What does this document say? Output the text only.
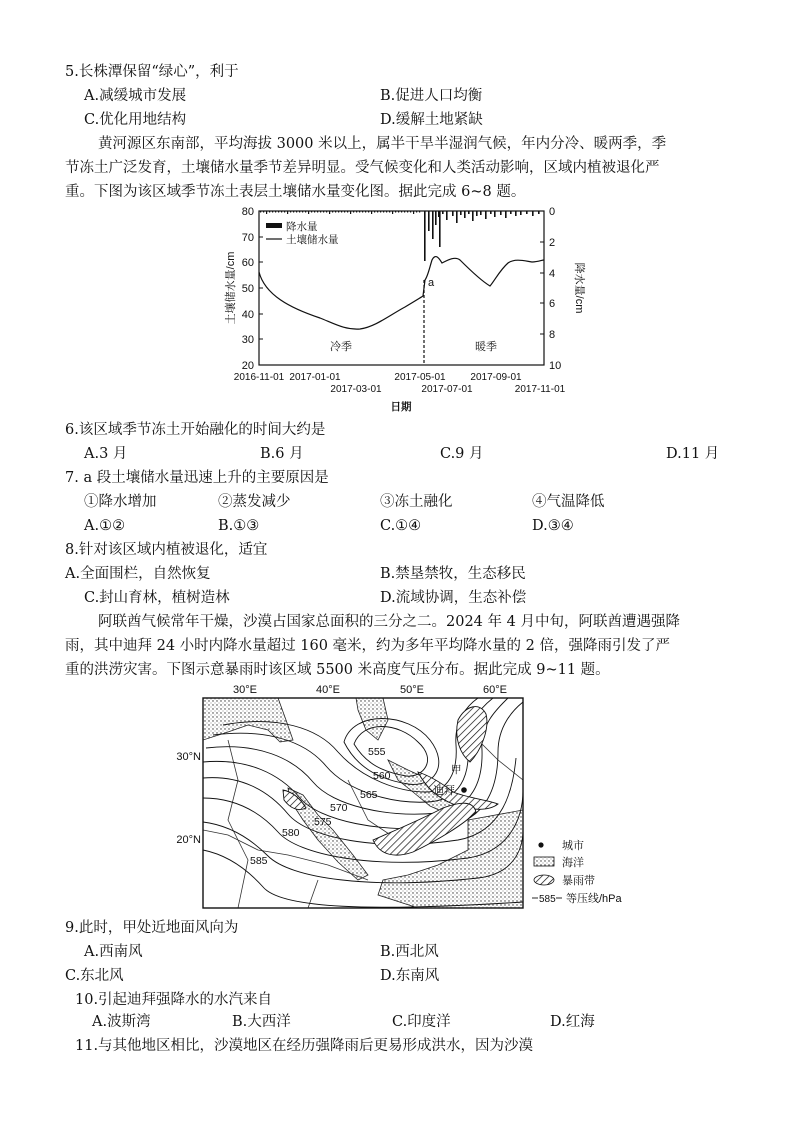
5.长株潭保留“绿心”，利于
A.减缓城市发展	B.促进人口均衡
C.优化用地结构	D.缓解土地紧缺
黄河源区东南部，平均海拔 3000 米以上，属半干旱半湿润气候，年内分冷、暖两季，季
节冻土广泛发育，土壤储水量季节差异明显。受气候变化和人类活动影响，区域内植被退化严
重。下图为该区域季节冻土表层土壤储水量变化图。据此完成 6~8 题。
80
70
60
50
40
30
20
0
2
4
6
8
10
土壤储水量/cm	降水量/cm
a
冷季	暖季
降水量
土壤储水量
2016-11-01 2017-01-01	2017-05-01 2017-09-01
2017-11-01
2017-03-01	2017-07-01
日期
6.该区域季节冻土开始融化的时间大约是
A.3 月	B.6 月	C.9 月	D.11 月
7. a 段土壤储水量迅速上升的主要原因是
①降水增加	②蒸发减少	③冻土融化	④气温降低
A.①②	B.①③	C.①④	D.③④
8.针对该区域内植被退化，适宜
A.全面围栏，自然恢复	B.禁垦禁牧，生态移民
C.封山育林，植树造林	D.流域协调，生态补偿
阿联酋气候常年干燥，沙漠占国家总面积的三分之二。2024 年 4 月中旬，阿联酋遭遇强降
雨，其中迪拜 24 小时内降水量超过 160 毫米，约为多年平均降水量的 2 倍，强降雨引发了严
重的洪涝灾害。下图示意暴雨时该区域 5500 米高度气压分布。据此完成 9~11 题。
30°E	40°E	50°E	60°E
30°N
20°N
555
560
565
570
575
580
585
甲
迪拜
城市
海洋
暴雨带
585 等压线/hPa
9.此时，甲处近地面风向为
A.西南风	B.西北风
C.东北风	D.东南风
10.引起迪拜强降水的水汽来自
A.波斯湾	B.大西洋	C.印度洋	D.红海
11.与其他地区相比，沙漠地区在经历强降雨后更易形成洪水，因为沙漠
